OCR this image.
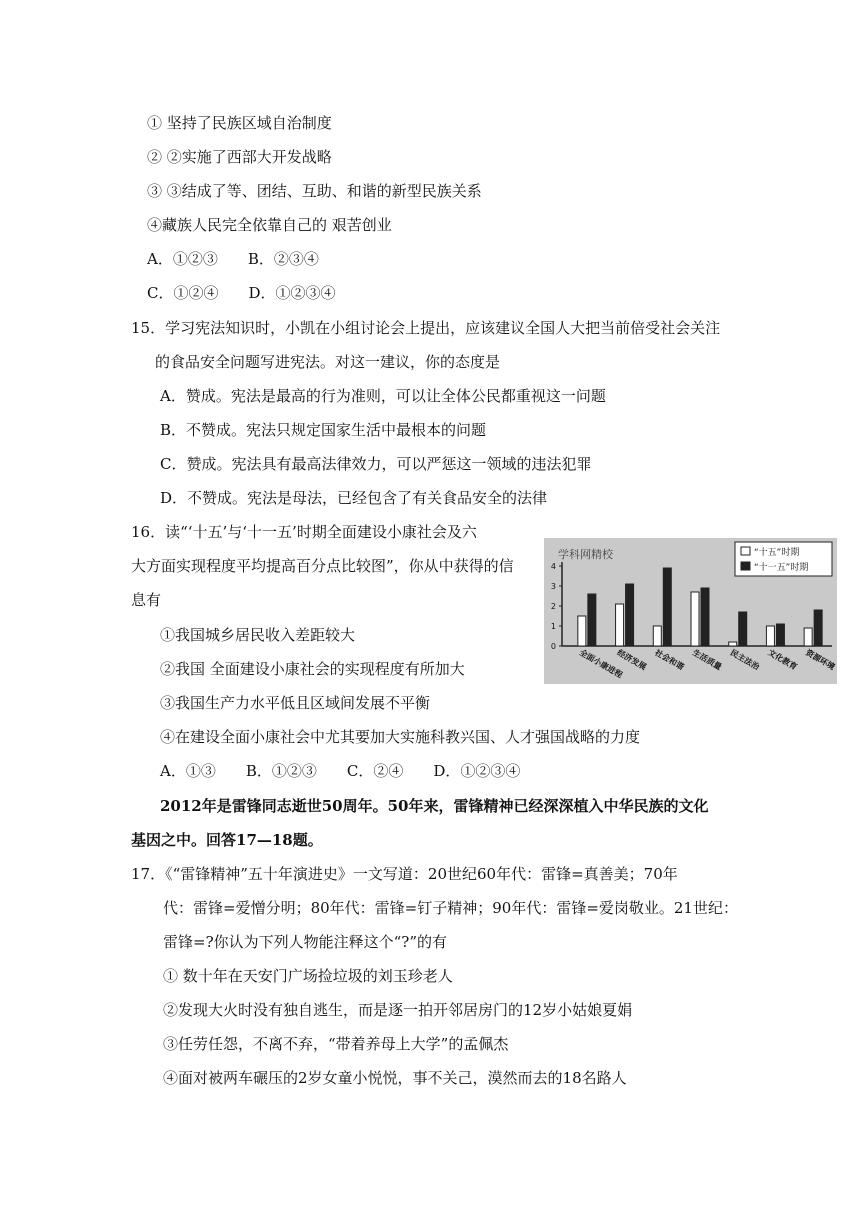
① 坚持了民族区域自治制度
② ②实施了西部大开发战略
③ ③结成了等、团结、互助、和谐的新型民族关系
④藏族人民完全依靠自己的 艰苦创业
A．①②③　　B．②③④
C．①②④　　D．①②③④
15．学习宪法知识时，小凯在小组讨论会上提出，应该建议全国人大把当前倍受社会关注
的食品安全问题写进宪法。对这一建议，你的态度是
A．赞成。宪法是最高的行为准则，可以让全体公民都重视这一问题
B．不赞成。宪法只规定国家生活中最根本的问题
C．赞成。宪法具有最高法律效力，可以严惩这一领域的违法犯罪
D．不赞成。宪法是母法，已经包含了有关食品安全的法律
16．读“‘十五’与‘十一五’时期全面建设小康社会及六
大方面实现程度平均提高百分点比较图”，你从中获得的信
息有
①我国城乡居民收入差距较大
②我国 全面建设小康社会的实现程度有所加大
③我国生产力水平低且区域间发展不平衡
④在建设全面小康社会中尤其要加大实施科教兴国、人才强国战略的力度
A．①③　　B．①②③　　C．②④　　D．①②③④
学科网精校	“十五”时期
“十一五”时期
0
1
2
3
4
全面小康进程
经济发展 社会和谐 生活质量 民主法治 文化教育 资源环境
2012年是雷锋同志逝世50周年。50年来，雷锋精神已经深深植入中华民族的文化
基因之中。回答17—18题。
17．《“雷锋精神”五十年演进史》一文写道：20世纪60年代：雷锋=真善美；70年
代：雷锋=爱憎分明；80年代：雷锋=钉子精神；90年代：雷锋=爱岗敬业。21世纪：
雷锋=?你认为下列人物能注释这个“?”的有
① 数十年在天安门广场捡垃圾的刘玉珍老人
②发现大火时没有独自逃生，而是逐一拍开邻居房门的12岁小姑娘夏娟
③任劳任怨，不离不弃，“带着养母上大学”的孟佩杰
④面对被两车碾压的2岁女童小悦悦，事不关己，漠然而去的18名路人
